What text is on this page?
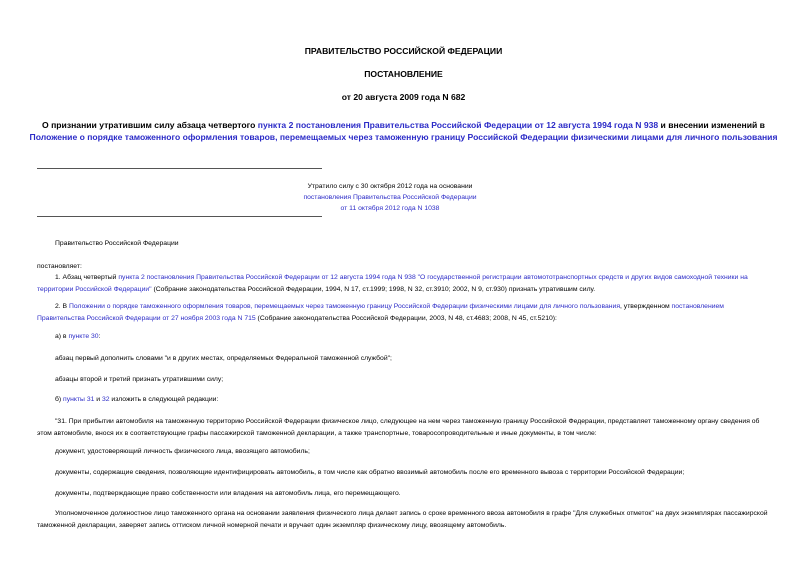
ПРАВИТЕЛЬСТВО РОССИЙСКОЙ ФЕДЕРАЦИИ
ПОСТАНОВЛЕНИЕ
от 20 августа 2009 года N 682
О признании утратившим силу абзаца четвертого пункта 2 постановления Правительства Российской Федерации от 12 августа 1994 года N 938 и внесении изменений в Положение о порядке таможенного оформления товаров, перемещаемых через таможенную границу Российской Федерации физическими лицами для личного пользования
Утратило силу с 30 октября 2012 года на основании
постановления Правительства Российской Федерации
от 11 октября 2012 года N 1038
Правительство Российской Федерации
постановляет:
1. Абзац четвертый пункта 2 постановления Правительства Российской Федерации от 12 августа 1994 года N 938 "О государственной регистрации автомототранспортных средств и других видов самоходной техники на территории Российской Федерации" (Собрание законодательства Российской Федерации, 1994, N 17, ст.1999; 1998, N 32, ст.3910; 2002, N 9, ст.930) признать утратившим силу.
2. В Положении о порядке таможенного оформления товаров, перемещаемых через таможенную границу Российской Федерации физическими лицами для личного пользования, утвержденном постановлением Правительства Российской Федерации от 27 ноября 2003 года N 715 (Собрание законодательства Российской Федерации, 2003, N 48, ст.4683; 2008, N 45, ст.5210):
а) в пункте 30:
абзац первый дополнить словами "и в других местах, определяемых Федеральной таможенной службой";
абзацы второй и третий признать утратившими силу;
б) пункты 31 и 32 изложить в следующей редакции:
"31. При прибытии автомобиля на таможенную территорию Российской Федерации физическое лицо, следующее на нем через таможенную границу Российской Федерации, представляет таможенному органу сведения об этом автомобиле, внося их в соответствующие графы пассажирской таможенной декларации, а также транспортные, товаросопроводительные и иные документы, в том числе:
документ, удостоверяющий личность физического лица, ввозящего автомобиль;
документы, содержащие сведения, позволяющие идентифицировать автомобиль, в том числе как обратно ввозимый автомобиль после его временного вывоза с территории Российской Федерации;
документы, подтверждающие право собственности или владения на автомобиль лица, его перемещающего.
Уполномоченное должностное лицо таможенного органа на основании заявления физического лица делает запись о сроке временного ввоза автомобиля в графе "Для служебных отметок" на двух экземплярах пассажирской таможенной декларации, заверяет запись оттиском личной номерной печати и вручает один экземпляр физическому лицу, ввозящему автомобиль.
